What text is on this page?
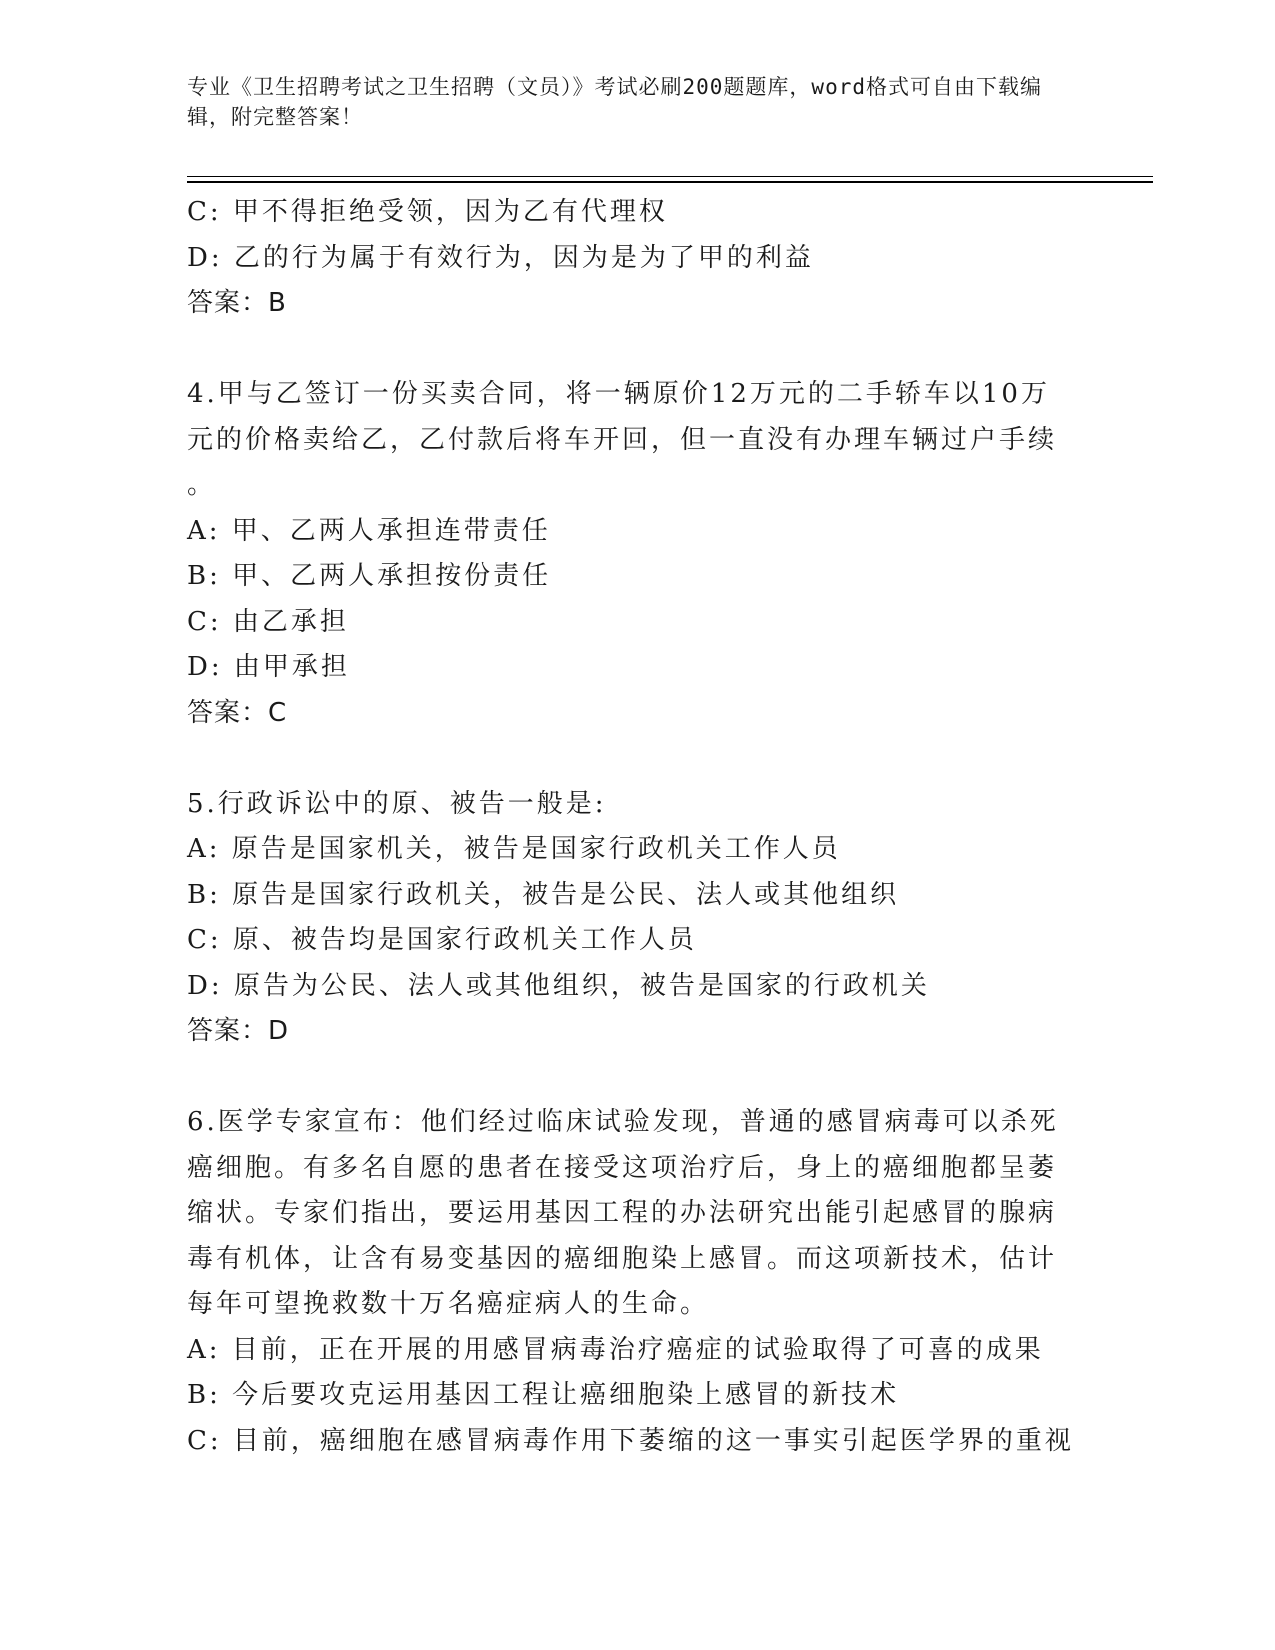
专业《卫生招聘考试之卫生招聘（文员）》考试必刷200题题库，word格式可自由下载编辑，附完整答案！
C: 甲不得拒绝受领，因为乙有代理权
D: 乙的行为属于有效行为，因为是为了甲的利益
答案：B
4.甲与乙签订一份买卖合同，将一辆原价12万元的二手轿车以10万
元的价格卖给乙，乙付款后将车开回，但一直没有办理车辆过户手续
。
A: 甲、乙两人承担连带责任
B: 甲、乙两人承担按份责任
C: 由乙承担
D: 由甲承担
答案：C
5.行政诉讼中的原、被告一般是:
A: 原告是国家机关，被告是国家行政机关工作人员
B: 原告是国家行政机关，被告是公民、法人或其他组织
C: 原、被告均是国家行政机关工作人员
D: 原告为公民、法人或其他组织，被告是国家的行政机关
答案：D
6.医学专家宣布：他们经过临床试验发现，普通的感冒病毒可以杀死
癌细胞。有多名自愿的患者在接受这项治疗后，身上的癌细胞都呈萎
缩状。专家们指出，要运用基因工程的办法研究出能引起感冒的腺病
毒有机体，让含有易变基因的癌细胞染上感冒。而这项新技术，估计
每年可望挽救数十万名癌症病人的生命。
A: 目前，正在开展的用感冒病毒治疗癌症的试验取得了可喜的成果
B: 今后要攻克运用基因工程让癌细胞染上感冒的新技术
C: 目前，癌细胞在感冒病毒作用下萎缩的这一事实引起医学界的重视
